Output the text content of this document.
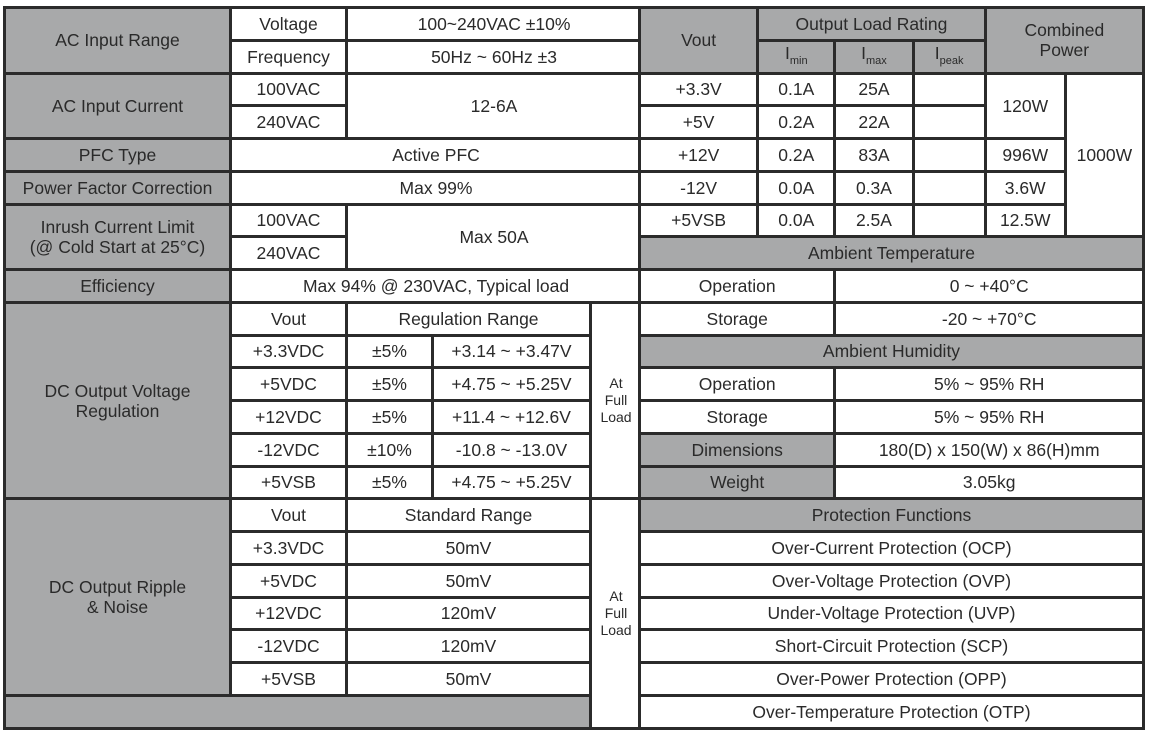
AC Input Range	Voltage	100~240VAC ±10%		
	Frequency	50Hz ~ 60Hz ±3		
AC Input Current	100VAC	12-6A		
	240VAC			
PFC Type	Active PFC			
Power Factor Correction	Max 99%			

Inrush Current Limit
(@ Cold Start at 25°C)	100VAC	Max 50A		
	240VAC			
Efficiency	Max 94% @ 230VAC, Typical load			

DC Output Voltage
Regulation
	Vout	Regulation Range	
At
Full
Load

	+3.3VDC	±5%	+3.14 ~ +3.47V	
	+5VDC	±5%	+4.75 ~ +5.25V	
	+12VDC	±5%	+11.4 ~ +12.6V	
	-12VDC	±10%	-10.8 ~ -13.0V	
	+5VSB	±5%	+4.75 ~ +5.25V	

DC Output Ripple
& Noise
	Vout	Standard Range	
At
Full
Load

	+3.3VDC	50mV		
	+5VDC	50mV		
	+12VDC	120mV		
	-12VDC	120mV		
	+5VSB	50mV		

Vout	Output Load Rating			Combined
Power	

	$I_{min}$	$I_{max}$	$I_{peak}$
+3.3V	0.1A	25A		120W	1000W
+5V	0.2A	22A			
+12V	0.2A	83A		996W	
-12V	0.0A	0.3A		3.6W	
+5VSB	0.0A	2.5A		12.5W	
Ambient Temperature					
Operation		0 ~ +40°C			
Storage		-20 ~ +70°C			
Ambient Humidity					
Operation		5% ~ 95% RH			
Storage		5% ~ 95% RH			
Dimensions		180(D) x 150(W) x 86(H)mm			
Weight		3.05kg			
Protection Functions					
Over-Current Protection (OCP)					
Over-Voltage Protection (OVP)					
Under-Voltage Protection (UVP)					
Short-Circuit Protection (SCP)					
Over-Power Protection (OPP)					
Over-Temperature Protection (OTP)					
